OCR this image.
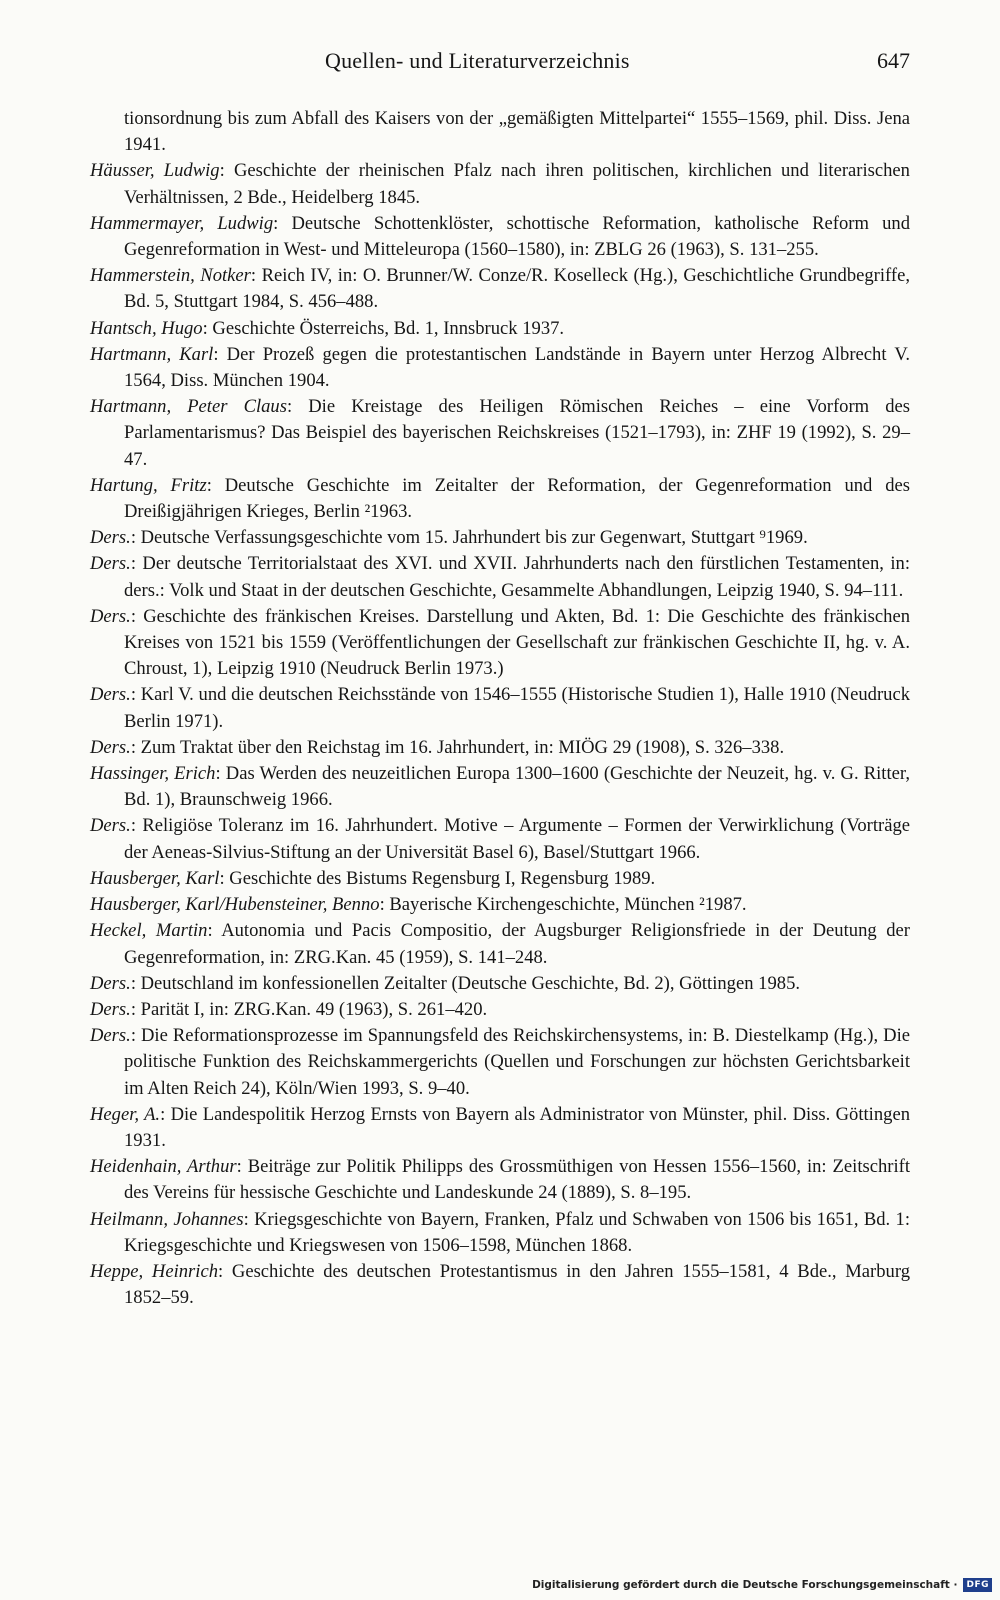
Quellen- und Literaturverzeichnis	647
tionsordnung bis zum Abfall des Kaisers von der „gemäßigten Mittelpartei“ 1555–1569, phil. Diss. Jena 1941.
Häusser, Ludwig: Geschichte der rheinischen Pfalz nach ihren politischen, kirchlichen und literarischen Verhältnissen, 2 Bde., Heidelberg 1845.
Hammermayer, Ludwig: Deutsche Schottenklöster, schottische Reformation, katholische Reform und Gegenreformation in West- und Mitteleuropa (1560–1580), in: ZBLG 26 (1963), S. 131–255.
Hammerstein, Notker: Reich IV, in: O. Brunner/W. Conze/R. Koselleck (Hg.), Geschichtliche Grundbegriffe, Bd. 5, Stuttgart 1984, S. 456–488.
Hantsch, Hugo: Geschichte Österreichs, Bd. 1, Innsbruck 1937.
Hartmann, Karl: Der Prozeß gegen die protestantischen Landstände in Bayern unter Herzog Albrecht V. 1564, Diss. München 1904.
Hartmann, Peter Claus: Die Kreistage des Heiligen Römischen Reiches – eine Vorform des Parlamentarismus? Das Beispiel des bayerischen Reichskreises (1521–1793), in: ZHF 19 (1992), S. 29–47.
Hartung, Fritz: Deutsche Geschichte im Zeitalter der Reformation, der Gegenreformation und des Dreißigjährigen Krieges, Berlin ²1963.
Ders.: Deutsche Verfassungsgeschichte vom 15. Jahrhundert bis zur Gegenwart, Stuttgart ⁹1969.
Ders.: Der deutsche Territorialstaat des XVI. und XVII. Jahrhunderts nach den fürstlichen Testamenten, in: ders.: Volk und Staat in der deutschen Geschichte, Gesammelte Abhandlungen, Leipzig 1940, S. 94–111.
Ders.: Geschichte des fränkischen Kreises. Darstellung und Akten, Bd. 1: Die Geschichte des fränkischen Kreises von 1521 bis 1559 (Veröffentlichungen der Gesellschaft zur fränkischen Geschichte II, hg. v. A. Chroust, 1), Leipzig 1910 (Neudruck Berlin 1973.)
Ders.: Karl V. und die deutschen Reichsstände von 1546–1555 (Historische Studien 1), Halle 1910 (Neudruck Berlin 1971).
Ders.: Zum Traktat über den Reichstag im 16. Jahrhundert, in: MIÖG 29 (1908), S. 326–338.
Hassinger, Erich: Das Werden des neuzeitlichen Europa 1300–1600 (Geschichte der Neuzeit, hg. v. G. Ritter, Bd. 1), Braunschweig 1966.
Ders.: Religiöse Toleranz im 16. Jahrhundert. Motive – Argumente – Formen der Verwirklichung (Vorträge der Aeneas-Silvius-Stiftung an der Universität Basel 6), Basel/Stuttgart 1966.
Hausberger, Karl: Geschichte des Bistums Regensburg I, Regensburg 1989.
Hausberger, Karl/Hubensteiner, Benno: Bayerische Kirchengeschichte, München ²1987.
Heckel, Martin: Autonomia und Pacis Compositio, der Augsburger Religionsfriede in der Deutung der Gegenreformation, in: ZRG.Kan. 45 (1959), S. 141–248.
Ders.: Deutschland im konfessionellen Zeitalter (Deutsche Geschichte, Bd. 2), Göttingen 1985.
Ders.: Parität I, in: ZRG.Kan. 49 (1963), S. 261–420.
Ders.: Die Reformationsprozesse im Spannungsfeld des Reichskirchensystems, in: B. Diestelkamp (Hg.), Die politische Funktion des Reichskammergerichts (Quellen und Forschungen zur höchsten Gerichtsbarkeit im Alten Reich 24), Köln/Wien 1993, S. 9–40.
Heger, A.: Die Landespolitik Herzog Ernsts von Bayern als Administrator von Münster, phil. Diss. Göttingen 1931.
Heidenhain, Arthur: Beiträge zur Politik Philipps des Grossmüthigen von Hessen 1556–1560, in: Zeitschrift des Vereins für hessische Geschichte und Landeskunde 24 (1889), S. 8–195.
Heilmann, Johannes: Kriegsgeschichte von Bayern, Franken, Pfalz und Schwaben von 1506 bis 1651, Bd. 1: Kriegsgeschichte und Kriegswesen von 1506–1598, München 1868.
Heppe, Heinrich: Geschichte des deutschen Protestantismus in den Jahren 1555–1581, 4 Bde., Marburg 1852–59.
Digitalisierung gefördert durch die Deutsche Forschungsgemeinschaft ·	DFG
